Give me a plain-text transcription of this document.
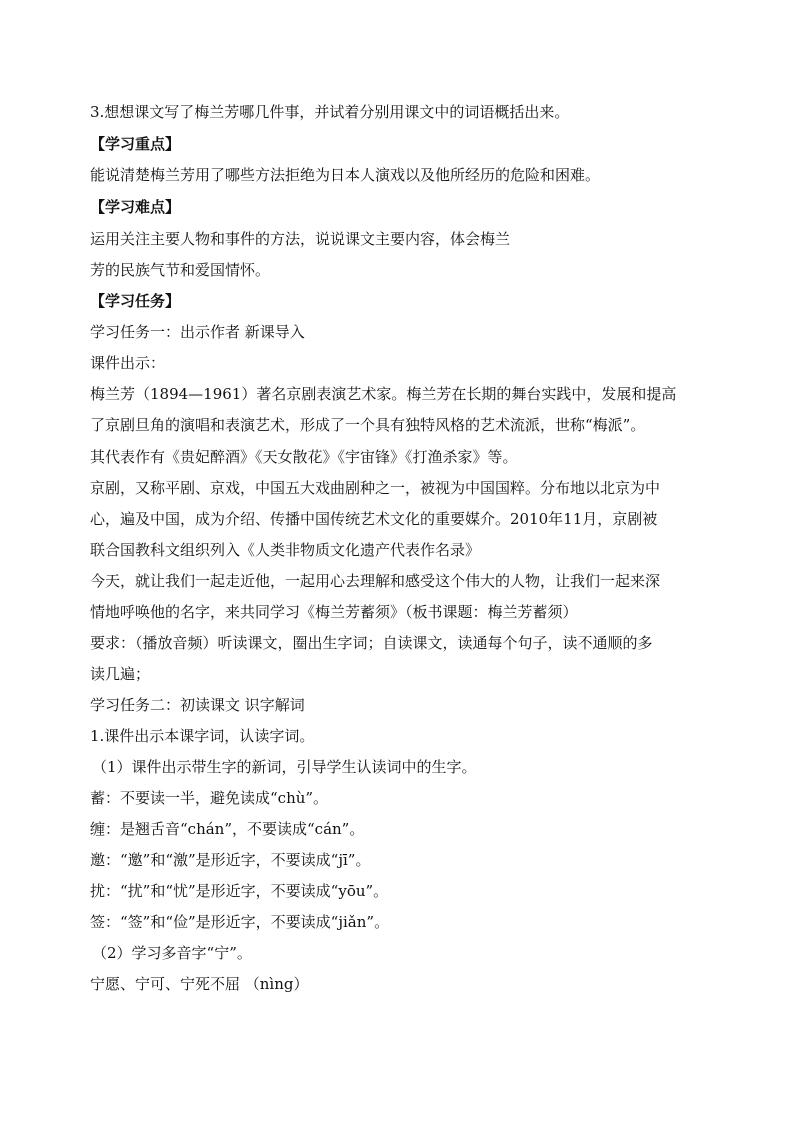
3.想想课文写了梅兰芳哪几件事，并试着分别用课文中的词语概括出来。
【学习重点】
能说清楚梅兰芳用了哪些方法拒绝为日本人演戏以及他所经历的危险和困难。
【学习难点】
运用关注主要人物和事件的方法，说说课文主要内容，体会梅兰
芳的民族气节和爱国情怀。
【学习任务】
学习任务一：出示作者 新课导入
课件出示：
梅兰芳（1894—1961）著名京剧表演艺术家。梅兰芳在长期的舞台实践中，发展和提高
了京剧旦角的演唱和表演艺术，形成了一个具有独特风格的艺术流派，世称“梅派”。
其代表作有《贵妃醉酒》《天女散花》《宇宙锋》《打渔杀家》等。
京剧，又称平剧、京戏，中国五大戏曲剧种之一，被视为中国国粹。分布地以北京为中
心，遍及中国，成为介绍、传播中国传统艺术文化的重要媒介。2010年11月，京剧被
联合国教科文组织列入《人类非物质文化遗产代表作名录》
今天，就让我们一起走近他，一起用心去理解和感受这个伟大的人物，让我们一起来深
情地呼唤他的名字，来共同学习《梅兰芳蓄须》（板书课题：梅兰芳蓄须）
要求：（播放音频）听读课文，圈出生字词；自读课文，读通每个句子，读不通顺的多
读几遍；
学习任务二：初读课文 识字解词
1.课件出示本课字词，认读字词。
（1）课件出示带生字的新词，引导学生认读词中的生字。
蓄：不要读一半，避免读成“chù”。
缠：是翘舌音“chán”，不要读成“cán”。
邀：“邀”和“激”是形近字，不要读成“jī”。
扰：“扰”和“忧”是形近字，不要读成“yōu”。
签：“签”和“俭”是形近字，不要读成“jiǎn”。
（2）学习多音字“宁”。
宁愿、宁可、宁死不屈 （nìng）
